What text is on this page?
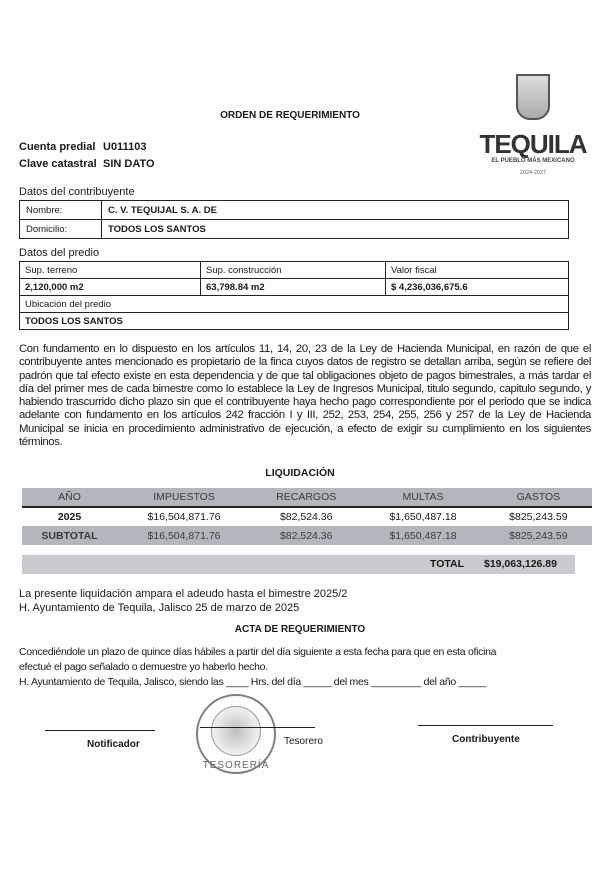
ORDEN DE REQUERIMIENTO
TEQUILA
EL PUEBLO MÁS MEXICANO
2024-2027
Cuenta predial U011103
Clave catastral SIN DATO
Datos del contribuyente
Nombre:	C. V. TEQUIJAL S. A. DE
Domicilio:	TODOS LOS SANTOS
Datos del predio
Sup. terreno	Sup. construcción	Valor fiscal
2,120,000 m2	63,798.84 m2	$ 4,236,036,675.6
Ubicación del predio		
TODOS LOS SANTOS		
Con fundamento en lo dispuesto en los artículos 11, 14, 20, 23 de la Ley de Hacienda Municipal, en razón de que el contribuyente antes mencionado es propietario de la finca cuyos datos de registro se detallan arriba, según se refiere del padrón que tal efecto existe en esta dependencia y de que tal obligaciones objeto de pagos bimestrales, a más tardar el día del primer mes de cada bimestre como lo establece la Ley de Ingresos Municipal, titulo segundo, capitulo segundo, y habiendo trascurrido dicho plazo sin que el contribuyente haya hecho pago correspondiente por el periodo que se indica adelante con fundamento en los artículos 242 fracción I y III, 252, 253, 254, 255, 256 y 257 de la Ley de Hacienda Municipal se inicia en procedimiento administrativo de ejecución, a efecto de exigir su cumplimiento en los siguientes términos.
LIQUIDACIÓN
AÑO	IMPUESTOS	RECARGOS	MULTAS	GASTOS
2025	$16,504,871.76	$82,524.36	$1,650,487.18	$825,243.59
SUBTOTAL	$16,504,871.76	$82,524.36	$1,650,487.18	$825,243.59
TOTAL $19,063,126.89
La presente liquidación ampara el adeudo hasta el bimestre 2025/2
H. Ayuntamiento de Tequila, Jalisco 25 de marzo de 2025
ACTA DE REQUERIMIENTO
Concediéndole un plazo de quince días hábiles a partir del día siguiente a esta fecha para que en esta oficina
efectué el pago señalado o demuestre yo haberlo hecho.
H. Ayuntamiento de Tequila, Jalisco, siendo las ____ Hrs. del día _____ del mes _________ del año _____
TESORERÍA
Notificador	Tesorero	Contribuyente
